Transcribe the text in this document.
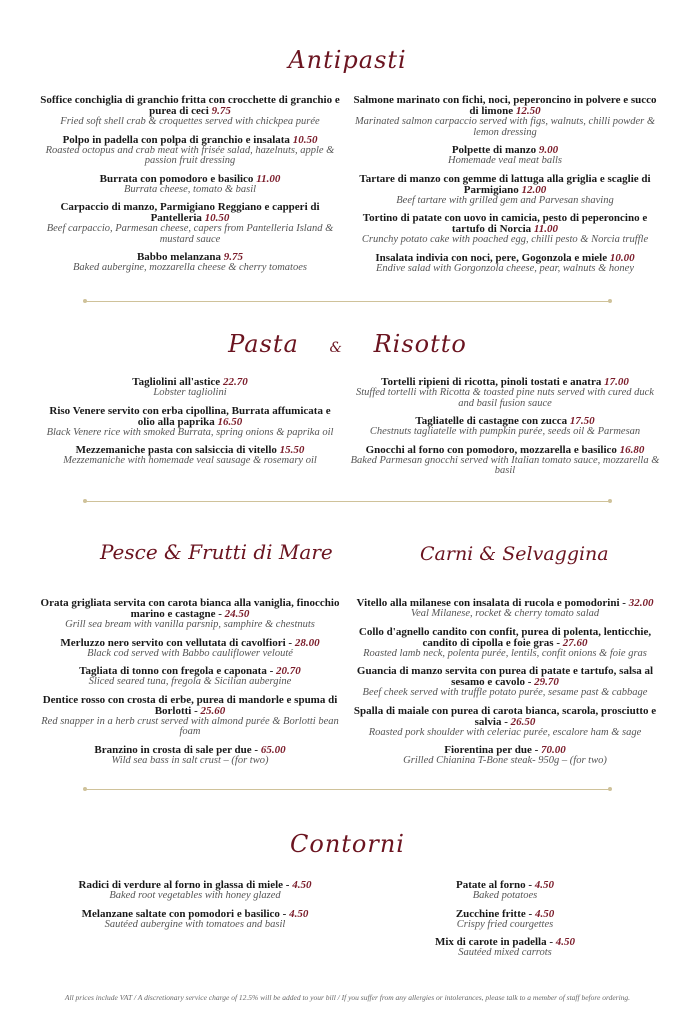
Antipasti
Pasta & Risotto
Pesce & Frutti di Mare	Carni & Selvaggina
Contorni
Soffice conchiglia di granchio fritta con crocchette di granchio e purea di ceci 9.75
Fried soft shell crab & croquettes served with chickpea purée
Polpo in padella con polpa di granchio e insalata 10.50
Roasted octopus and crab meat with frisée salad, hazelnuts, apple & passion fruit dressing
Burrata con pomodoro e basilico 11.00
Burrata cheese, tomato & basil
Carpaccio di manzo, Parmigiano Reggiano e capperi di Pantelleria 10.50
Beef carpaccio, Parmesan cheese, capers from Pantelleria Island & mustard sauce
Babbo melanzana 9.75
Baked aubergine, mozzarella cheese & cherry tomatoes
Salmone marinato con fichi, noci, peperoncino in polvere e succo di limone 12.50
Marinated salmon carpaccio served with figs, walnuts, chilli powder & lemon dressing
Polpette di manzo 9.00
Homemade veal meat balls
Tartare di manzo con gemme di lattuga alla griglia e scaglie di Parmigiano 12.00
Beef tartare with grilled gem and Parvesan shaving
Tortino di patate con uovo in camicia, pesto di peperoncino e tartufo di Norcia 11.00
Crunchy potato cake with poached egg, chilli pesto & Norcia truffle
Insalata indivia con noci, pere, Gogonzola e miele 10.00
Endive salad with Gorgonzola cheese, pear, walnuts & honey
Tagliolini all'astice 22.70
Lobster tagliolini
Riso Venere servito con erba cipollina, Burrata affumicata e olio alla paprika 16.50
Black Venere rice with smoked Burrata, spring onions & paprika oil
Mezzemaniche pasta con salsiccia di vitello 15.50
Mezzemaniche with homemade veal sausage & rosemary oil
Tortelli ripieni di ricotta, pinoli tostati e anatra 17.00
Stuffed tortelli with Ricotta & toasted pine nuts served with cured duck and basil fusion sauce
Tagliatelle di castagne con zucca 17.50
Chestnuts tagliatelle with pumpkin purée, seeds oil & Parmesan
Gnocchi al forno con pomodoro, mozzarella e basilico 16.80
Baked Parmesan gnocchi served with Italian tomato sauce, mozzarella & basil
Orata grigliata servita con carota bianca alla vaniglia, finocchio marino e castagne - 24.50
Grill sea bream with vanilla parsnip, samphire & chestnuts
Merluzzo nero servito con vellutata di cavolfiori - 28.00
Black cod served with Babbo cauliflower velouté
Tagliata di tonno con fregola e caponata - 20.70
Sliced seared tuna, fregola & Sicilian aubergine
Dentice rosso con crosta di erbe, purea di mandorle e spuma di Borlotti - 25.60
Red snapper in a herb crust served with almond purée & Borlotti bean foam
Branzino in crosta di sale per due - 65.00
Wild sea bass in salt crust – (for two)
Vitello alla milanese con insalata di rucola e pomodorini - 32.00
Veal Milanese, rocket & cherry tomato salad
Collo d'agnello candito con confit, purea di polenta, lenticchie, candito di cipolla e foie gras - 27.60
Roasted lamb neck, polenta purée, lentils, confit onions & foie gras
Guancia di manzo servita con purea di patate e tartufo, salsa al sesamo e cavolo - 29.70
Beef cheek served with truffle potato purée, sesame past & cabbage
Spalla di maiale con purea di carota bianca, scarola, prosciutto e salvia - 26.50
Roasted pork shoulder with celeriac purée, escalore ham & sage
Fiorentina per due - 70.00
Grilled Chianina T-Bone steak- 950g – (for two)
Radici di verdure al forno in glassa di miele - 4.50
Baked root vegetables with honey glazed
Melanzane saltate con pomodori e basilico - 4.50
Sautéed aubergine with tomatoes and basil
Patate al forno - 4.50
Baked potatoes
Zucchine fritte - 4.50
Crispy fried courgettes
Mix di carote in padella - 4.50
Sautéed mixed carrots
All prices include VAT / A discretionary service charge of 12.5% will be added to your bill / If you suffer from any allergies or intolerances, please talk to a member of staff before ordering.
